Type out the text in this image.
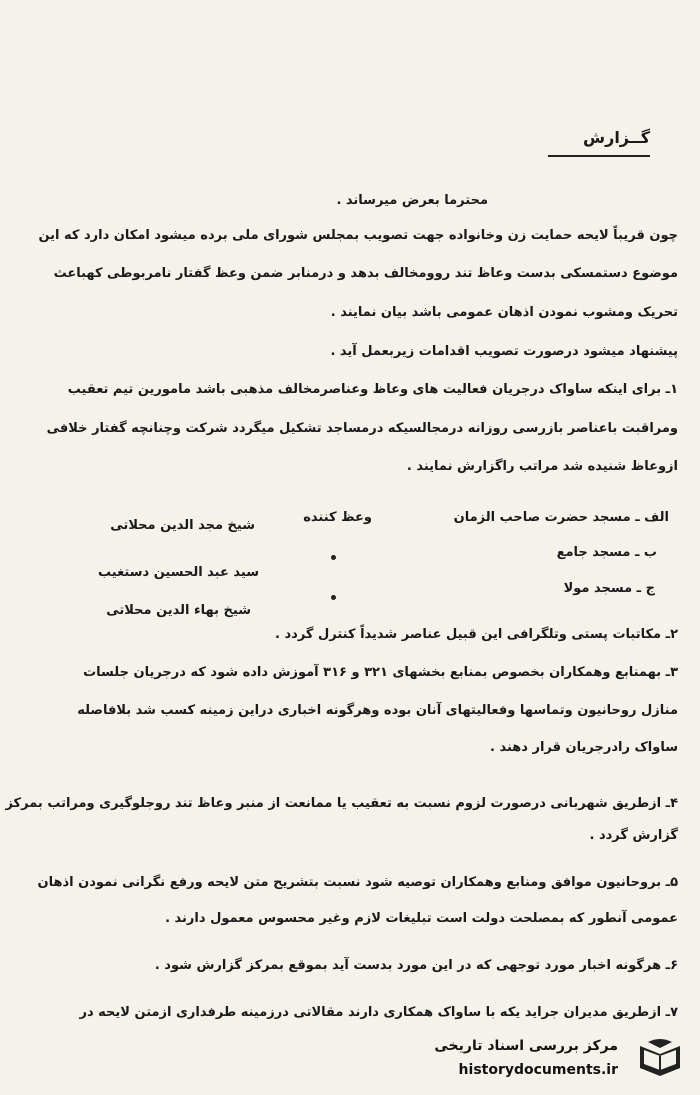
گــزارش
محترما بعرض میرساند .
چون قریباً لایحه حمایت زن وخانواده جهت تصویب بمجلس شورای ملی برده میشود امکان دارد که این
موضوع دستمسکی بدست وعاظ تند روومخالف بدهد و درمنابر ضمن وعظ گفتار نامربوطی کهباعث
تحریک ومشوب نمودن اذهان عمومی باشد بیان نمایند .
پیشنهاد میشود درصورت تصویب اقدامات زیربعمل آید .
۱ـ برای اینکه ساواک درجریان فعالیت های وعاظ وعناصرمخالف مذهبی باشد مامورین تیم تعقیب
ومراقبت باعناصر بازرسی روزانه درمجالسیکه درمساجد تشکیل میگردد شرکت وچنانچه گفتار خلافی
ازوعاظ شنیده شد مراتب راگزارش نمایند .
الف ـ مسجد حضرت صاحب الزمان
وعظ کننده
شیخ مجد الدین محلاتی
ب ـ مسجد جامع
سید عبد الحسین دستغیب
ج ـ مسجد مولا
شیخ بهاء الدین محلاتی
۲ـ مکاتبات پستی وتلگرافی این قبیل عناصر شدیداً کنترل گردد .
۳ـ بهمنابع وهمکاران بخصوص بمنابع بخشهای ۳۲۱ و ۳۱۶ آموزش داده شود که درجریان جلسات
منازل روحانیون وتماسها وفعالیتهای آنان بوده وهرگونه اخباری دراین زمینه کسب شد بلافاصله
ساواک رادرجریان قرار دهند .
۴ـ ازطریق شهربانی درصورت لزوم نسبت به تعقیب یا ممانعت از منبر وعاظ تند روجلوگیری ومراتب بمرکز
گزارش گردد .
۵ـ بروحانیون موافق ومنابع وهمکاران توصیه شود نسبت بتشریح متن لایحه ورفع نگرانی نمودن اذهان
عمومی آنطور که بمصلحت دولت است تبلیغات لازم وغیر محسوس معمول دارند .
۶ـ هرگونه اخبار مورد توجهی که در این مورد بدست آید بموقع بمرکز گزارش شود .
۷ـ ازطریق مدیران جراید یکه با ساواک همکاری دارند مقالاتی درزمینه طرفداری ازمتن لایحه در
مرکز بررسی اسناد تاریخی
historydocuments.ir
